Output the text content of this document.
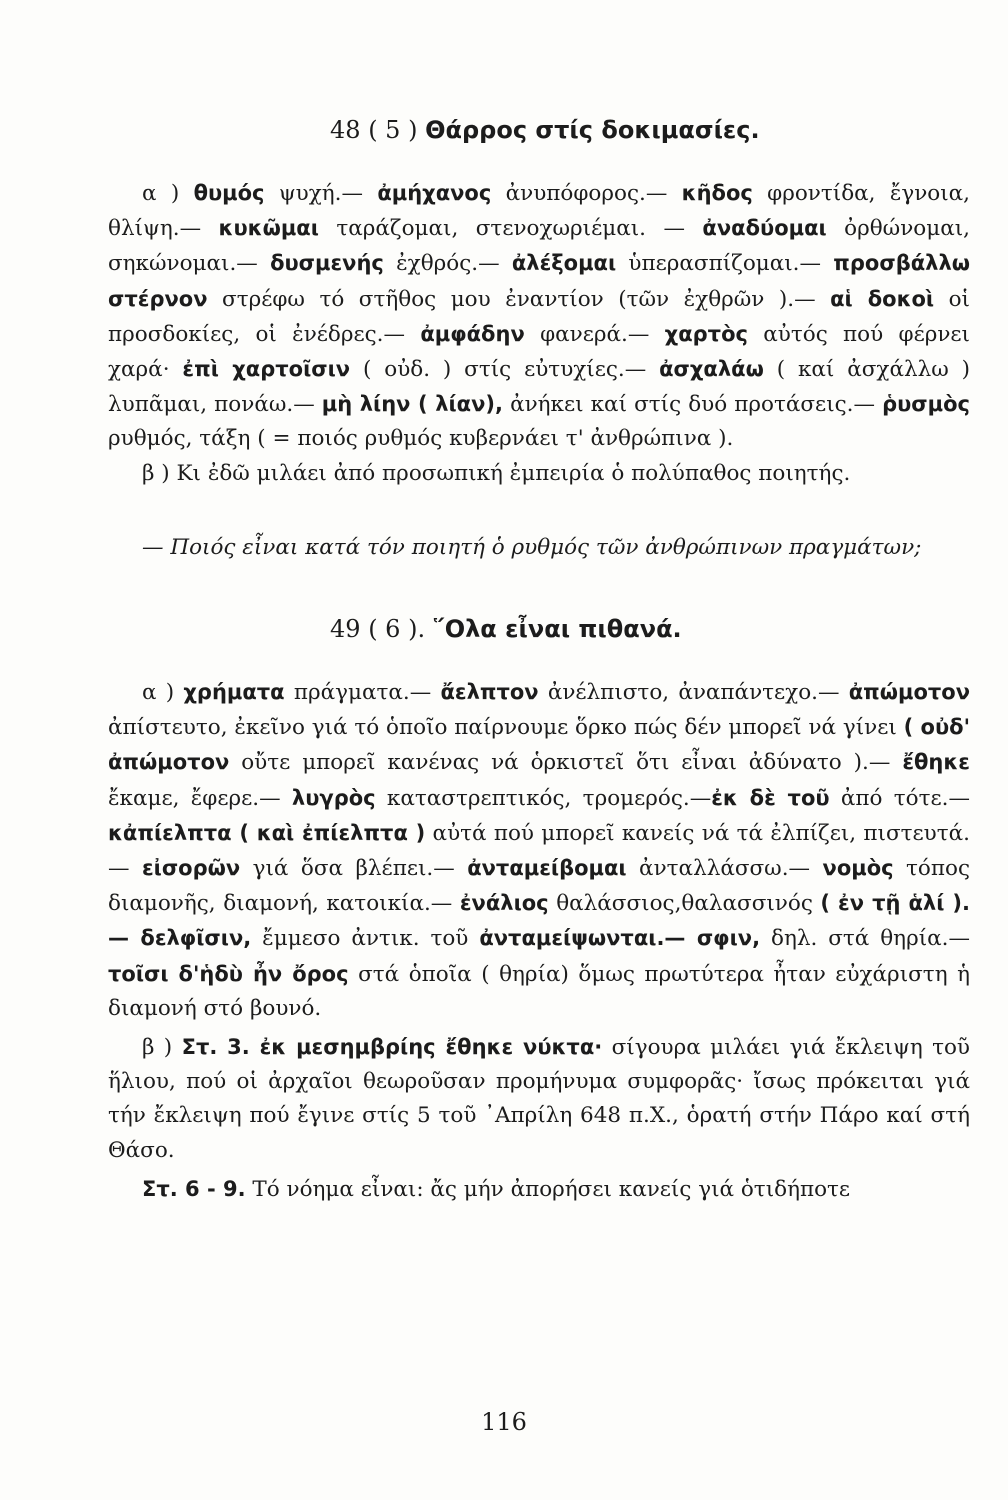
48 ( 5 ) Θάρρος στίς δοκιμασίες.

α ) θυμός ψυχή.— ἀμήχανος ἀνυπόφορος.— κῆδος φροντίδα, ἔγνοια, θλίψη.— κυκῶμαι ταράζομαι, στενοχωριέμαι. — ἀναδύομαι ὀρθώνομαι, σηκώνομαι.— δυσμενής ἐχθρός.— ἀλέξομαι ὑπερασπίζομαι.— προσβάλλω στέρνον στρέφω τό στῆθος μου ἐναντίον (τῶν ἐχθρῶν ).— αἱ δοκοὶ οἱ προσδοκίες, οἱ ἐνέδρες.— ἀμφάδην φανερά.— χαρτὸς αὐτός πού φέρνει χαρά· ἐπὶ χαρτοῖσιν ( οὐδ. ) στίς εὐτυχίες.— ἀσχαλάω ( καί ἀσχάλλω ) λυπᾶμαι, πονάω.— μὴ λίην ( λίαν), ἀνήκει καί στίς δυό προτάσεις.— ῥυσμὸς ρυθμός, τάξη ( = ποιός ρυθμός κυβερνάει τ' ἀνθρώπινα ).

β ) Κι ἐδῶ μιλάει ἀπό προσωπική ἐμπειρία ὁ πολύπαθος ποιητής.

— Ποιός εἶναι κατά τόν ποιητή ὁ ρυθμός τῶν ἀνθρώπινων πραγμάτων;

49 ( 6 ). ῞Ολα εἶναι πιθανά.

α ) χρήματα πράγματα.— ἄελπτον ἀνέλπιστο, ἀναπάντεχο.— ἀπώμοτον ἀπίστευτο, ἐκεῖνο γιά τό ὁποῖο παίρνουμε ὅρκο πώς δέν μπορεῖ νά γίνει ( οὐδ' ἀπώμοτον οὔτε μπορεῖ κανένας νά ὁρκιστεῖ ὅτι εἶναι ἀδύνατο ).— ἔθηκε ἔκαμε, ἔφερε.— λυγρὸς καταστρεπτικός, τρομερός.—ἐκ δὲ τοῦ ἀπό τότε.— κἀπίελπτα ( καὶ ἐπίελπτα ) αὐτά πού μπορεῖ κανείς νά τά ἐλπίζει, πιστευτά.— εἰσορῶν γιά ὅσα βλέπει.— ἀνταμείβομαι ἀνταλλάσσω.— νομὸς τόπος διαμονῆς, διαμονή, κατοικία.— ἐνάλιος θαλάσσιος,θαλασσινός ( ἐν τῇ ἁλί ).— δελφῖσιν, ἔμμεσο ἀντικ. τοῦ ἀνταμείψωνται.— σφιν, δηλ. στά θηρία.— τοῖσι δ'ἡδὺ ἦν ὄρος στά ὁποῖα ( θηρία) ὅμως πρωτύτερα ἦταν εὐχάριστη ἡ διαμονή στό βουνό.

β ) Στ. 3. ἐκ μεσημβρίης ἔθηκε νύκτα· σίγουρα μιλάει γιά ἔκλειψη τοῦ ἥλιου, πού οἱ ἀρχαῖοι θεωροῦσαν προμήνυμα συμφορᾶς· ἴσως πρόκειται γιά τήν ἔκλειψη πού ἔγινε στίς 5 τοῦ ᾿Απρίλη 648 π.Χ., ὁρατή στήν Πάρο καί στή Θάσο.

Στ. 6 - 9. Τό νόημα εἶναι: ἄς μήν ἀπορήσει κανείς γιά ὁτιδήποτε

116
